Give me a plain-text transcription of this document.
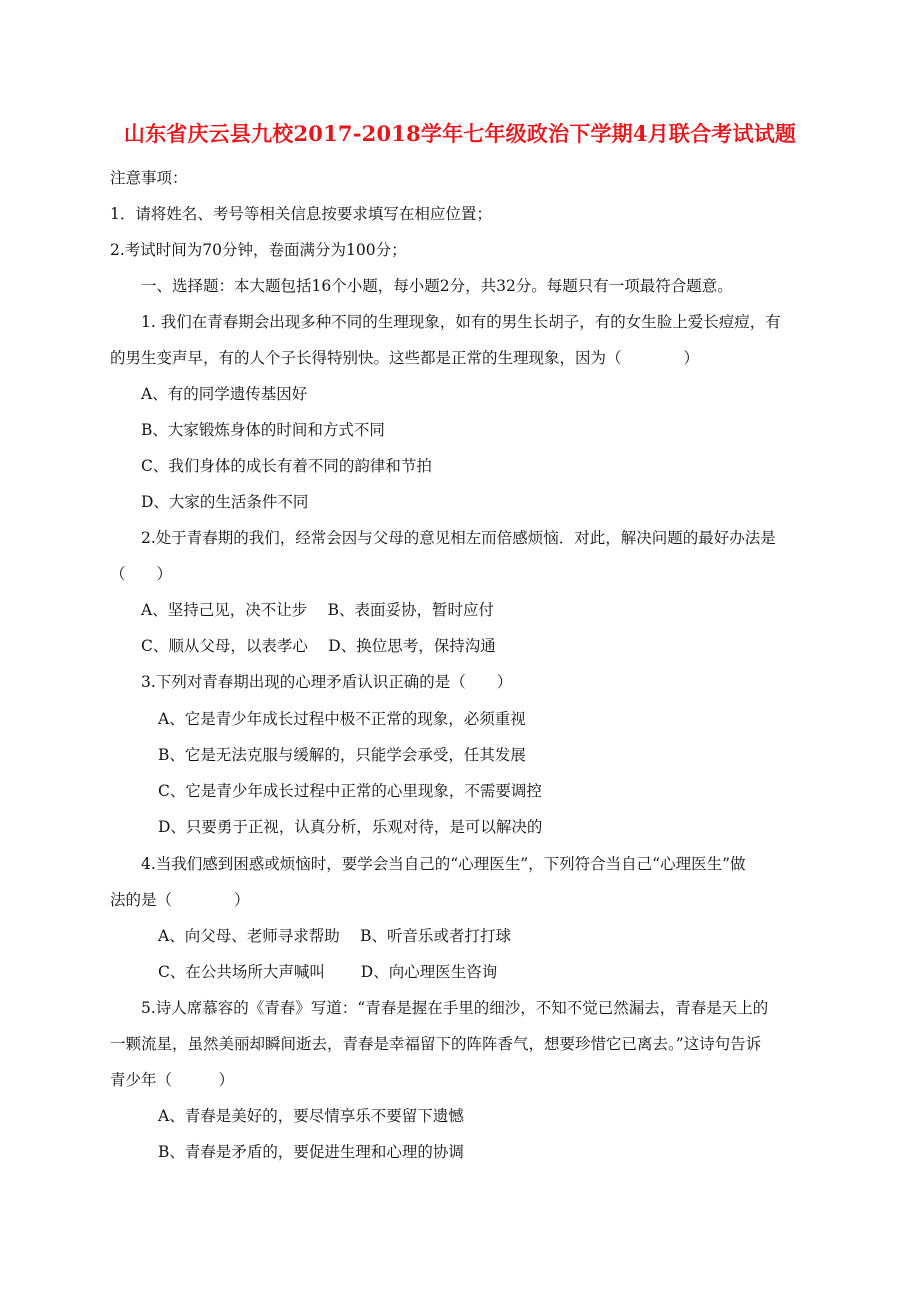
山东省庆云县九校2017-2018学年七年级政治下学期4月联合考试试题
注意事项：
1．请将姓名、考号等相关信息按要求填写在相应位置；
2.考试时间为70分钟，卷面满分为100分；
一、选择题：本大题包括16个小题，每小题2分，共32分。每题只有一项最符合题意。
1. 我们在青春期会出现多种不同的生理现象，如有的男生长胡子，有的女生脸上爱长痘痘，有
的男生变声早，有的人个子长得特别快。这些都是正常的生理现象，因为（　　　　）
A、有的同学遗传基因好
B、大家锻炼身体的时间和方式不同
C、我们身体的成长有着不同的韵律和节拍
D、大家的生活条件不同
2.处于青春期的我们，经常会因与父母的意见相左而倍感烦恼．对此，解决问题的最好办法是
（　　）
A、坚持己见，决不让步　 B、表面妥协，暂时应付
C、顺从父母，以表孝心　 D、换位思考，保持沟通
3.下列对青春期出现的心理矛盾认识正确的是（　　）
A、它是青少年成长过程中极不正常的现象，必须重视
B、它是无法克服与缓解的，只能学会承受，任其发展
C、它是青少年成长过程中正常的心里现象，不需要调控
D、只要勇于正视，认真分析，乐观对待，是可以解决的
4.当我们感到困惑或烦恼时，要学会当自己的“心理医生”，下列符合当自己“心理医生”做
法的是（　　　　）
A、向父母、老师寻求帮助　 B、听音乐或者打打球
C、在公共场所大声喊叫　　 D、向心理医生咨询
5.诗人席慕容的《青春》写道：“青春是握在手里的细沙，不知不觉已然漏去，青春是天上的
一颗流星，虽然美丽却瞬间逝去，青春是幸福留下的阵阵香气，想要珍惜它已离去。”这诗句告诉
青少年（　　　）
A、青春是美好的，要尽情享乐不要留下遗憾
B、青春是矛盾的，要促进生理和心理的协调
